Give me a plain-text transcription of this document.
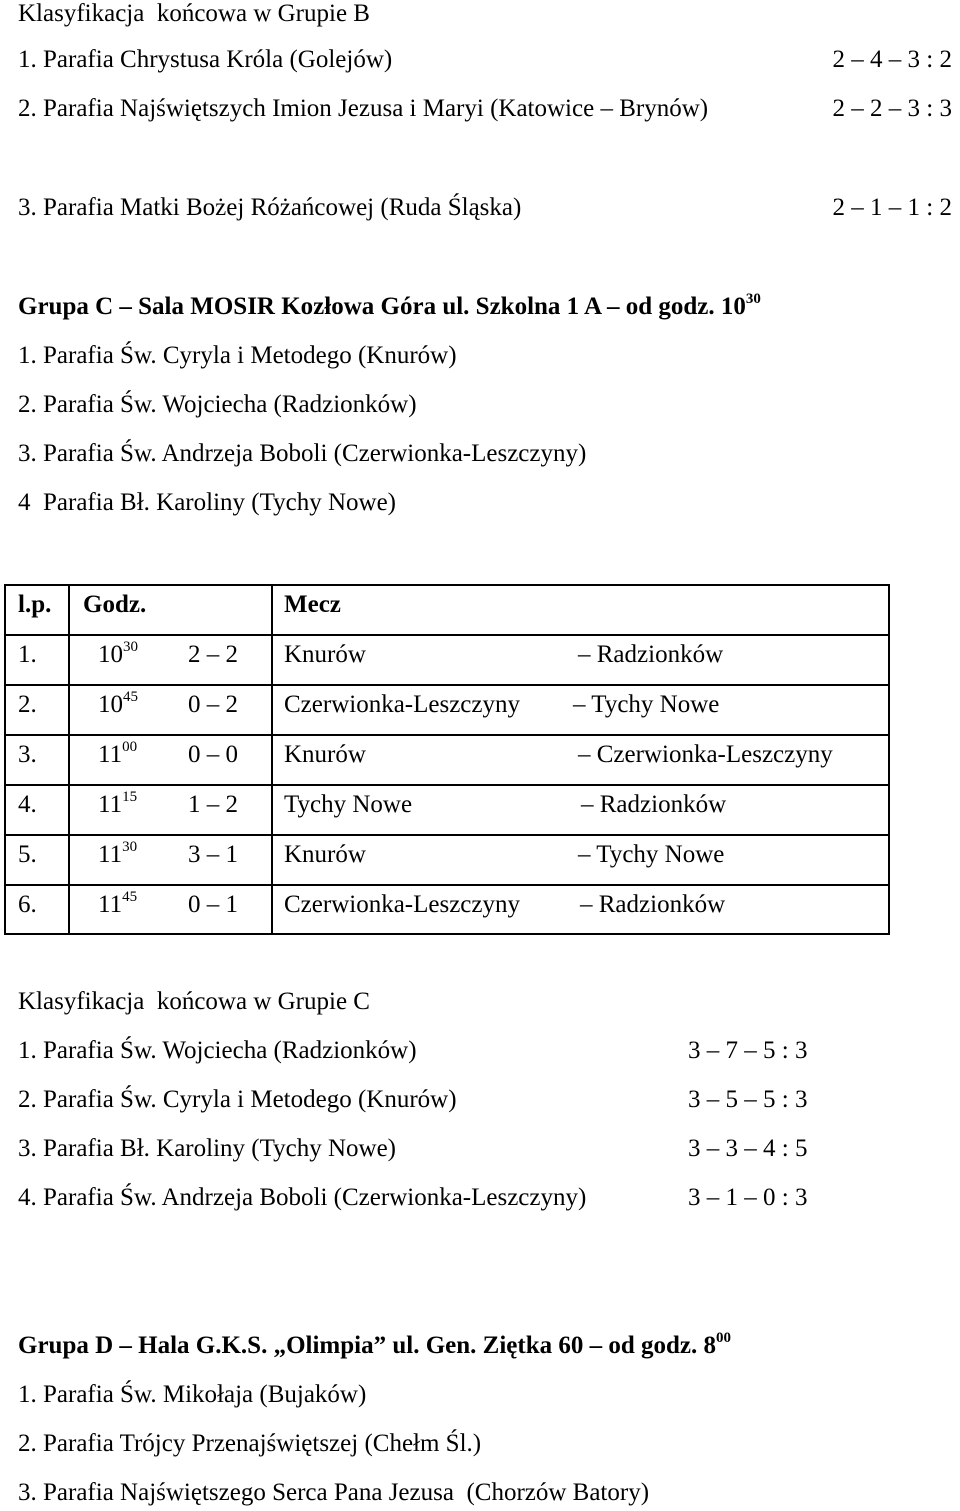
Klasyfikacja  końcowa w Grupie B
1. Parafia Chrystusa Króla (Golejów)	2 – 4 – 3 : 2
2. Parafia Najświętszych Imion Jezusa i Maryi (Katowice – Brynów)	2 – 2 – 3 : 3
3. Parafia Matki Bożej Różańcowej (Ruda Śląska)	2 – 1 – 1 : 2
Grupa C – Sala MOSIR Kozłowa Góra ul. Szkolna 1 A – od godz. $10^{30}$
1. Parafia Św. Cyryla i Metodego (Knurów)
2. Parafia Św. Wojciecha (Radzionków)
3. Parafia Św. Andrzeja Boboli (Czerwionka-Leszczyny)
4  Parafia Bł. Karoliny (Tychy Nowe)
l.p. Godz.	Mecz
1. $10^{30}$ 2 – 2 Knurów	– Radzionków
2. $10^{45}$ 0 – 2 Czerwionka-Leszczyny – Tychy Nowe
3. $11^{00}$ 0 – 0 Knurów	– Czerwionka-Leszczyny
4. $11^{15}$ 1 – 2 Tychy Nowe	– Radzionków
5. $11^{30}$ 3 – 1 Knurów	– Tychy Nowe
6. $11^{45}$ 0 – 1 Czerwionka-Leszczyny – Radzionków
Klasyfikacja  końcowa w Grupie C
1. Parafia Św. Wojciecha (Radzionków)	3 – 7 – 5 : 3
2. Parafia Św. Cyryla i Metodego (Knurów)	3 – 5 – 5 : 3
3. Parafia Bł. Karoliny (Tychy Nowe)	3 – 3 – 4 : 5
4. Parafia Św. Andrzeja Boboli (Czerwionka-Leszczyny)	3 – 1 – 0 : 3
Grupa D – Hala G.K.S. „Olimpia” ul. Gen. Ziętka 60 – od godz. $8^{00}$
1. Parafia Św. Mikołaja (Bujaków)
2. Parafia Trójcy Przenajświętszej (Chełm Śl.)
3. Parafia Najświętszego Serca Pana Jezusa  (Chorzów Batory)
